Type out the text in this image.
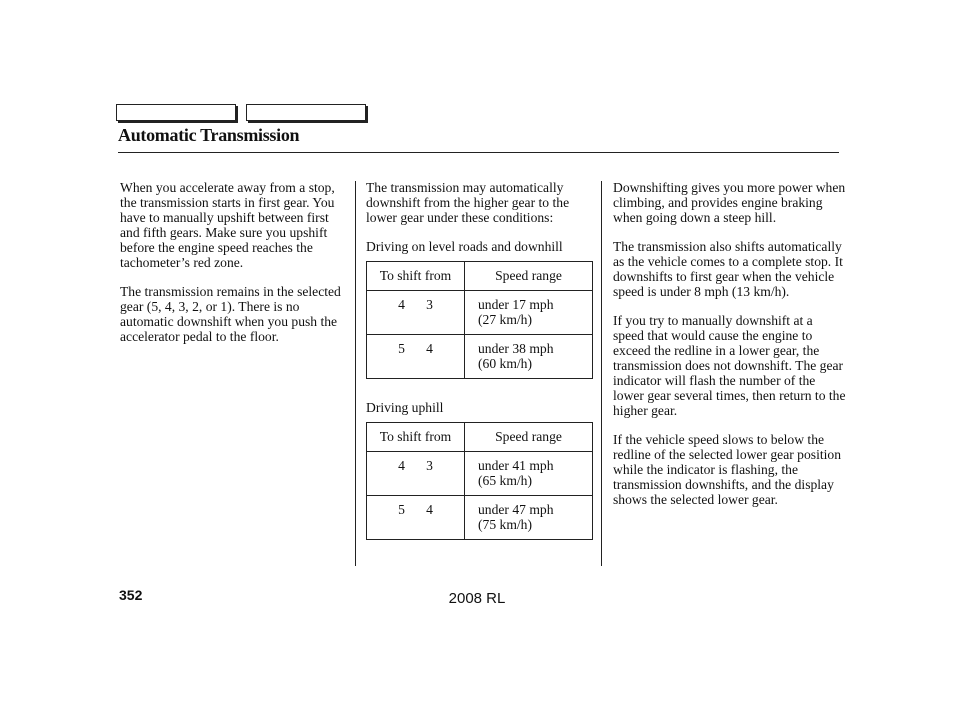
Automatic Transmission

When you accelerate away from a stop, the transmission starts in first gear. You have to manually upshift between first and fifth gears. Make sure you upshift before the engine speed reaches the tachometer’s red zone.

The transmission remains in the selected gear (5, 4, 3, 2, or 1). There is no automatic downshift when you push the accelerator pedal to the floor.

The transmission may automatically downshift from the higher gear to the lower gear under these conditions:

Driving on level roads and downhill

To shift from	Speed range
4 3	under 17 mph
(27 km/h)

5 4	under 38 mph
(60 km/h)

Driving uphill

To shift from	Speed range
4 3	under 41 mph
(65 km/h)

5 4	under 47 mph
(75 km/h)

Downshifting gives you more power when climbing, and provides engine braking when going down a steep hill.

The transmission also shifts automatically as the vehicle comes to a complete stop. It downshifts to first gear when the vehicle speed is under 8 mph (13 km/h).

If you try to manually downshift at a speed that would cause the engine to exceed the redline in a lower gear, the transmission does not downshift. The gear indicator will flash the number of the lower gear several times, then return to the higher gear.

If the vehicle speed slows to below the redline of the selected lower gear position while the indicator is flashing, the transmission downshifts, and the display shows the selected lower gear.

352	2008 RL
